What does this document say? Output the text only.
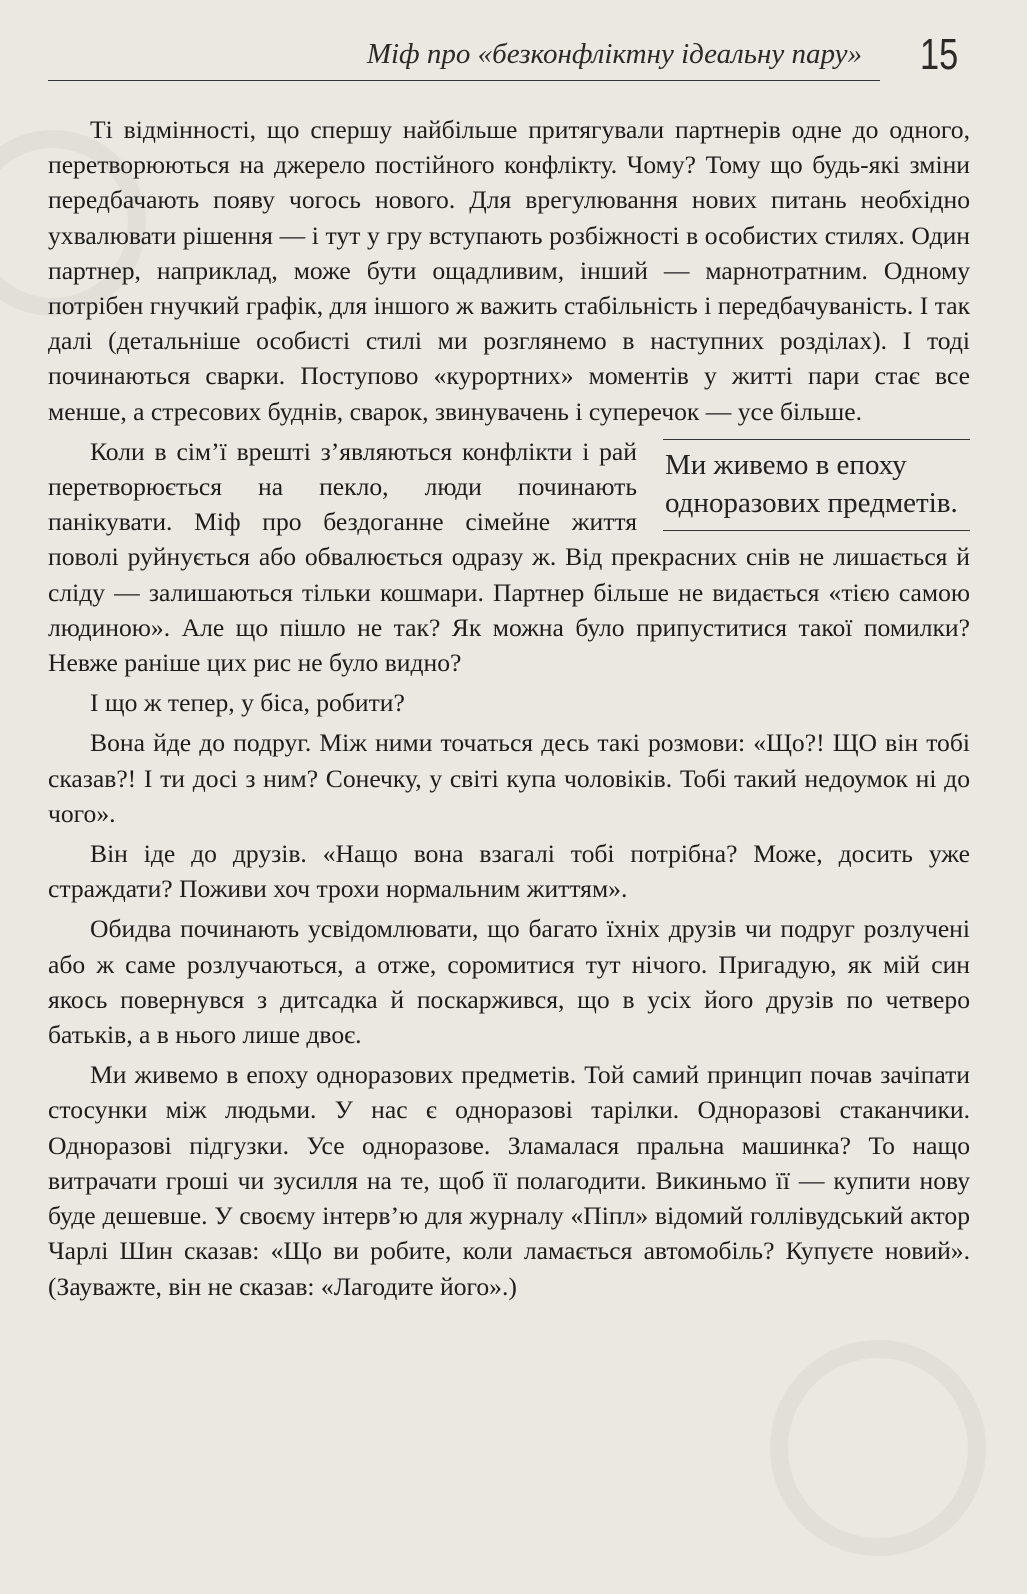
Міф про «безконфліктну ідеальну пару» 15

Ті відмінності, що спершу найбільше притягували партнерів одне до одного, перетворюються на джерело постійного конфлікту. Чому? Тому що будь-які зміни передбачають появу чогось нового. Для врегулювання нових питань необхідно ухвалювати рішення — і тут у гру вступають розбіжності в особистих стилях. Один партнер, наприклад, може бути ощадливим, інший — марнотратним. Одному потрібен гнучкий графік, для іншого ж важить стабільність і передбачуваність. І так далі (детальніше особисті стилі ми розглянемо в наступних розділах). І тоді починаються сварки. Поступово «курортних» моментів у житті пари стає все менше, а стресових буднів, сварок, звинувачень і суперечок — усе більше.

Ми живемо в епоху одноразових предметів.

Коли в сім’ї врешті з’являються конфлікти і рай перетворюється на пекло, люди починають панікувати. Міф про бездоганне сімейне життя поволі руйнується або обвалюється одразу ж. Від прекрасних снів не лишається й сліду — залишаються тільки кошмари. Партнер більше не видається «тією самою людиною». Але що пішло не так? Як можна було припуститися такої помилки? Невже раніше цих рис не було видно?

І що ж тепер, у біса, робити?

Вона йде до подруг. Між ними точаться десь такі розмови: «Що?! ЩО він тобі сказав?! І ти досі з ним? Сонечку, у світі купа чоловіків. Тобі такий недоумок ні до чого».

Він іде до друзів. «Нащо вона взагалі тобі потрібна? Може, досить уже страждати? Поживи хоч трохи нормальним життям».

Обидва починають усвідомлювати, що багато їхніх друзів чи подруг розлучені або ж саме розлучаються, а отже, соромитися тут нічого. Пригадую, як мій син якось повернувся з дитсадка й поскаржився, що в усіх його друзів по четверо батьків, а в нього лише двоє.

Ми живемо в епоху одноразових предметів. Той самий принцип почав зачіпати стосунки між людьми. У нас є одноразові тарілки. Одноразові стаканчики. Одноразові підгузки. Усе одноразове. Зламалася пральна машинка? То нащо витрачати гроші чи зусилля на те, щоб її полагодити. Викиньмо її — купити нову буде дешевше. У своєму інтерв’ю для журналу «Піпл» відомий голлівудський актор Чарлі Шин сказав: «Що ви робите, коли ламається автомобіль? Купуєте новий». (Зауважте, він не сказав: «Лагодите його».)
